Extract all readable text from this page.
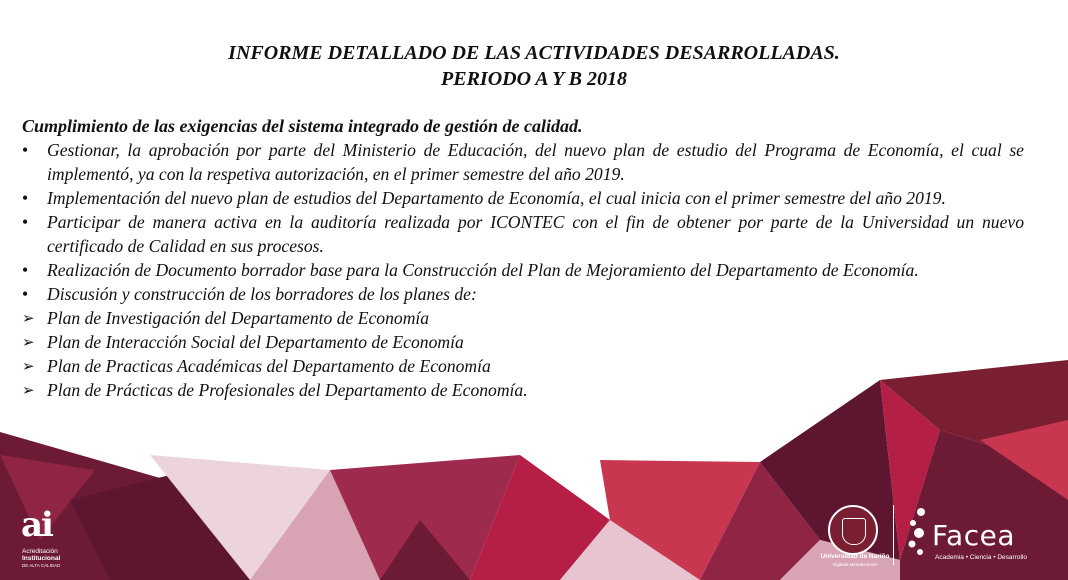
INFORME DETALLADO DE LAS ACTIVIDADES DESARROLLADAS.
PERIODO A Y B 2018
Cumplimiento de las exigencias del sistema integrado de gestión de calidad.
•	Gestionar, la aprobación por parte del Ministerio de Educación, del nuevo plan de estudio del Programa de Economía, el cual se implementó, ya con la respetiva autorización, en el primer semestre del año 2019.
•	Implementación del nuevo plan de estudios del Departamento de Economía, el cual inicia con el primer semestre del año 2019.
•	Participar de manera activa en la auditoría realizada por ICONTEC con el fin de obtener por parte de la Universidad un nuevo certificado de Calidad en sus procesos.
•	Realización de Documento borrador base para la Construcción del Plan de Mejoramiento del Departamento de Economía.
•	Discusión y construcción de los borradores de los planes de:
➢ Plan de Investigación del Departamento de Economía
➢ Plan de Interacción Social del Departamento de Economía
➢ Plan de Practicas Académicas del Departamento de Economía
➢ Plan de Prácticas de Profesionales del Departamento de Economía.
ai
Acreditación
Institucional
DE ALTA CALIDAD
Universidad de Nariño
Vigilada Mineducación
Facea
Academia • Ciencia • Desarrollo
